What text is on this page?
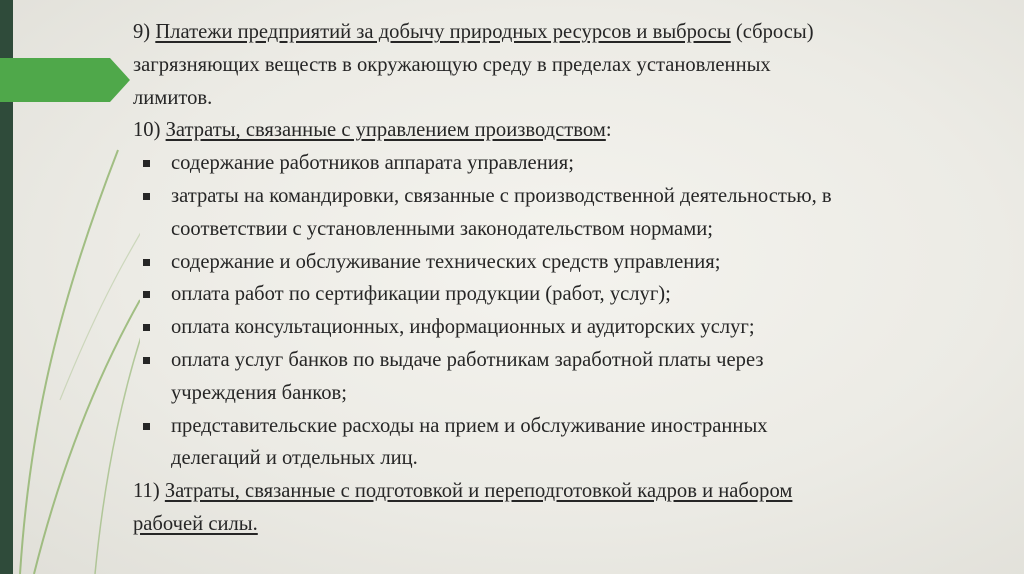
9) Платежи предприятий за добычу природных ресурсов и выбросы (сбросы)
загрязняющих веществ в окружающую среду в пределах установленных
лимитов.

10) Затраты, связанные с управлением производством:

содержание работников аппарата управления;

затраты на командировки, связанные с производственной деятельностью, в
соответствии с установленными законодательством нормами;

содержание и обслуживание технических средств управления;

оплата работ по сертификации продукции (работ, услуг);

оплата консультационных, информационных и аудиторских услуг;

оплата услуг банков по выдаче работникам заработной платы через
учреждения банков;

представительские расходы на прием и обслуживание иностранных
делегаций и отдельных лиц.

11) Затраты, связанные с подготовкой и переподготовкой кадров и набором
рабочей силы.
